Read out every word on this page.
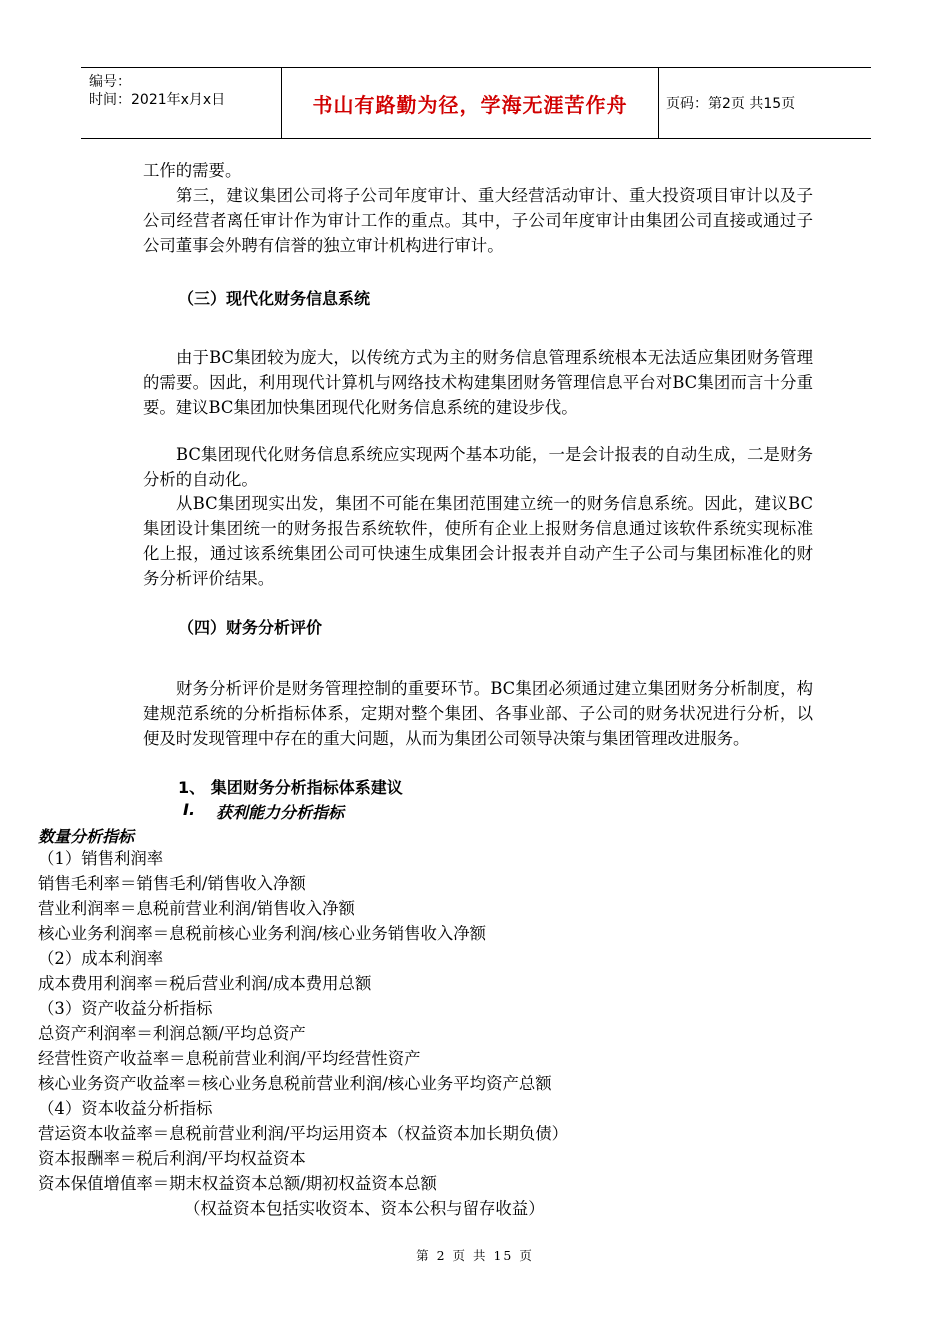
编号：
时间：2021年x月x日	书山有路勤为径，学海无涯苦作舟	页码：第2页 共15页
工作的需要。
第三，建议集团公司将子公司年度审计、重大经营活动审计、重大投资项目审计以及子公司经营者离任审计作为审计工作的重点。其中，子公司年度审计由集团公司直接或通过子公司董事会外聘有信誉的独立审计机构进行审计。
（三）现代化财务信息系统
由于BC集团较为庞大，以传统方式为主的财务信息管理系统根本无法适应集团财务管理的需要。因此，利用现代计算机与网络技术构建集团财务管理信息平台对BC集团而言十分重要。建议BC集团加快集团现代化财务信息系统的建设步伐。
BC集团现代化财务信息系统应实现两个基本功能，一是会计报表的自动生成，二是财务分析的自动化。
从BC集团现实出发，集团不可能在集团范围建立统一的财务信息系统。因此，建议BC集团设计集团统一的财务报告系统软件，使所有企业上报财务信息通过该软件系统实现标准化上报，通过该系统集团公司可快速生成集团会计报表并自动产生子公司与集团标准化的财务分析评价结果。
（四）财务分析评价
财务分析评价是财务管理控制的重要环节。BC集团必须通过建立集团财务分析制度，构建规范系统的分析指标体系，定期对整个集团、各事业部、子公司的财务状况进行分析，以便及时发现管理中存在的重大问题，从而为集团公司领导决策与集团管理改进服务。
1、 集团财务分析指标体系建议
I. 获利能力分析指标
数量分析指标
（1）销售利润率
销售毛利率＝销售毛利/销售收入净额
营业利润率＝息税前营业利润/销售收入净额
核心业务利润率＝息税前核心业务利润/核心业务销售收入净额
（2）成本利润率
成本费用利润率＝税后营业利润/成本费用总额
（3）资产收益分析指标
总资产利润率＝利润总额/平均总资产
经营性资产收益率＝息税前营业利润/平均经营性资产
核心业务资产收益率＝核心业务息税前营业利润/核心业务平均资产总额
（4）资本收益分析指标
营运资本收益率＝息税前营业利润/平均运用资本（权益资本加长期负债）
资本报酬率＝税后利润/平均权益资本
资本保值增值率＝期末权益资本总额/期初权益资本总额
（权益资本包括实收资本、资本公积与留存收益）
第 2 页 共 15 页
